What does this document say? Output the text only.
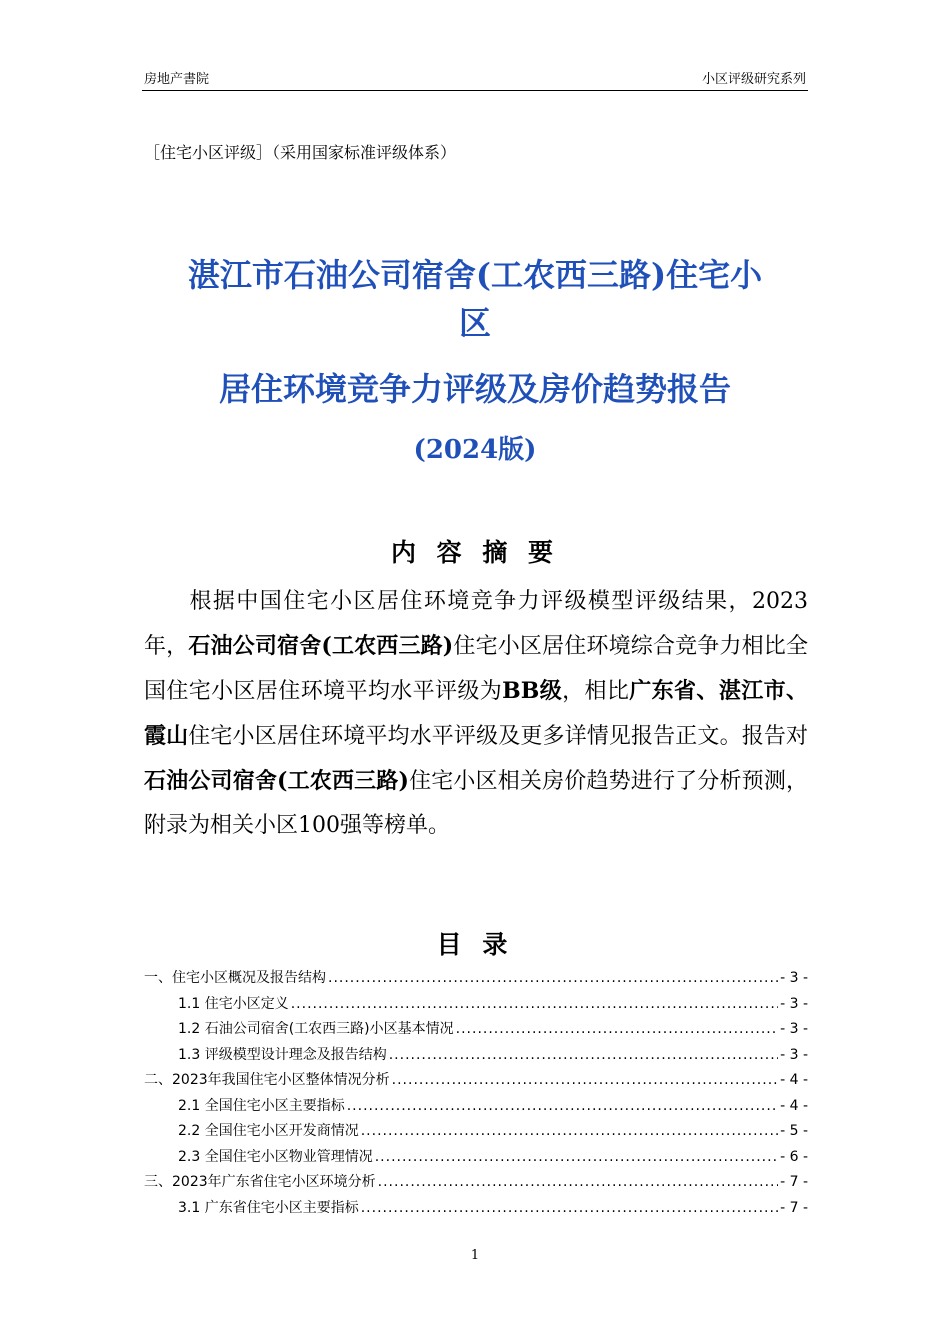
房地产書院	小区评级研究系列
［住宅小区评级］（采用国家标准评级体系）
湛江市石油公司宿舍(工农西三路)住宅小
区
居住环境竞争力评级及房价趋势报告
(2024版)
内 容 摘 要

根据中国住宅小区居住环境竞争力评级模型评级结果，2023年，石油公司宿舍(工农西三路)住宅小区居住环境综合竞争力相比全国住宅小区居住环境平均水平评级为BB级，相比广东省、湛江市、霞山住宅小区居住环境平均水平评级及更多详情见报告正文。报告对石油公司宿舍(工农西三路)住宅小区相关房价趋势进行了分析预测，附录为相关小区100强等榜单。

目 录
一、住宅小区概况及报告结构 .....	- 3 -
1.1 住宅小区定义 .....	- 3 -
1.2 石油公司宿舍(工农西三路)小区基本情况 .....	- 3 -
1.3 评级模型设计理念及报告结构 .....	- 3 -
二、2023年我国住宅小区整体情况分析 .....	- 4 -
2.1 全国住宅小区主要指标 .....	- 4 -
2.2 全国住宅小区开发商情况 .....	- 5 -
2.3 全国住宅小区物业管理情况 .....	- 6 -
三、2023年广东省住宅小区环境分析 .....	- 7 -
3.1 广东省住宅小区主要指标 .....	- 7 -
1
